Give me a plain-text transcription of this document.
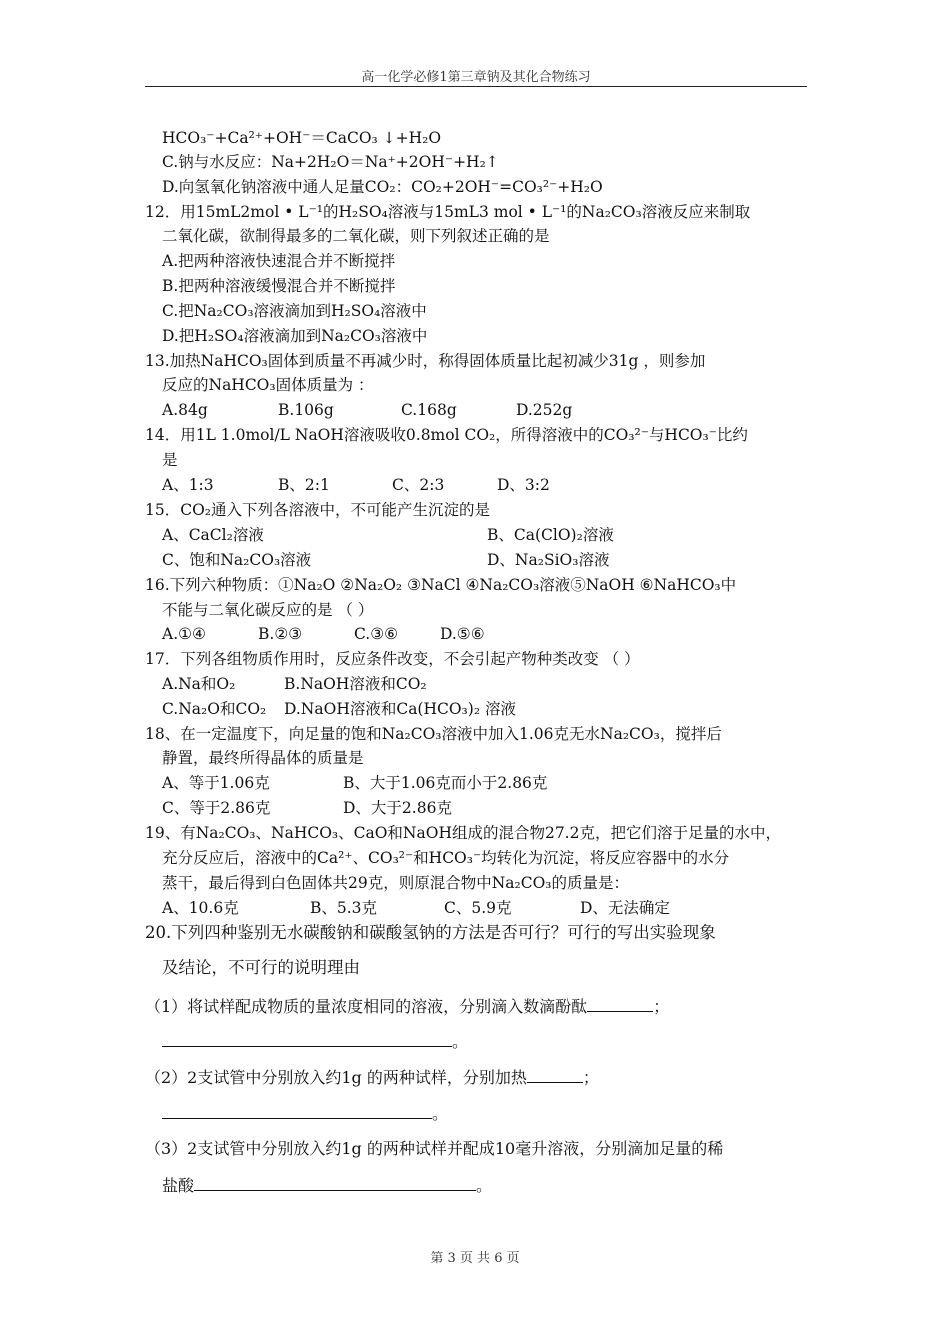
高一化学必修1第三章钠及其化合物练习
HCO₃⁻+Ca²⁺+OH⁻＝CaCO₃ ↓+H₂O
C.钠与水反应：Na+2H₂O＝Na⁺+2OH⁻+H₂↑
D.向氢氧化钠溶液中通人足量CO₂：CO₂+2OH⁻=CO₃²⁻+H₂O
12．用15mL2mol • L⁻¹的H₂SO₄溶液与15mL3 mol • L⁻¹的Na₂CO₃溶液反应来制取
二氧化碳，欲制得最多的二氧化碳，则下列叙述正确的是
A.把两种溶液快速混合并不断搅拌
B.把两种溶液缓慢混合并不断搅拌
C.把Na₂CO₃溶液滴加到H₂SO₄溶液中
D.把H₂SO₄溶液滴加到Na₂CO₃溶液中
13.加热NaHCO₃固体到质量不再减少时，称得固体质量比起初减少31g ，则参加
反应的NaHCO₃固体质量为 ：
A.84g	B.106g	C.168g	D.252g
14．用1L 1.0mol/L NaOH溶液吸收0.8mol CO₂，所得溶液中的CO₃²⁻与HCO₃⁻比约
是
A、1:3	B、2:1	C、2:3	D、3:2
15．CO₂通入下列各溶液中，不可能产生沉淀的是
A、CaCl₂溶液	B、Ca(ClO)₂溶液
C、饱和Na₂CO₃溶液	D、Na₂SiO₃溶液
16.下列六种物质：①Na₂O ②Na₂O₂ ③NaCl ④Na₂CO₃溶液⑤NaOH ⑥NaHCO₃中
不能与二氧化碳反应的是 （ ）
A.①④	B.②③	C.③⑥	D.⑤⑥
17．下列各组物质作用时，反应条件改变，不会引起产物种类改变 （ ）
A.Na和O₂	B.NaOH溶液和CO₂
C.Na₂O和CO₂ D.NaOH溶液和Ca(HCO₃)₂ 溶液
18、在一定温度下，向足量的饱和Na₂CO₃溶液中加入1.06克无水Na₂CO₃，搅拌后
静置，最终所得晶体的质量是
A、等于1.06克	B、大于1.06克而小于2.86克
C、等于2.86克	D、大于2.86克
19、有Na₂CO₃、NaHCO₃、CaO和NaOH组成的混合物27.2克，把它们溶于足量的水中，
充分反应后，溶液中的Ca²⁺、CO₃²⁻和HCO₃⁻均转化为沉淀，将反应容器中的水分
蒸干，最后得到白色固体共29克，则原混合物中Na₂CO₃的质量是：
A、10.6克	B、5.3克	C、5.9克	D、无法确定
20.下列四种鉴别无水碳酸钠和碳酸氢钠的方法是否可行？可行的写出实验现象
及结论，不可行的说明理由
（1）将试样配成物质的量浓度相同的溶液，分别滴入数滴酚酞	；
。
（2）2支试管中分别放入约1g 的两种试样，分别加热	；
。
（3）2支试管中分别放入约1g 的两种试样并配成10毫升溶液，分别滴加足量的稀
盐酸	。
第 3 页 共 6 页
